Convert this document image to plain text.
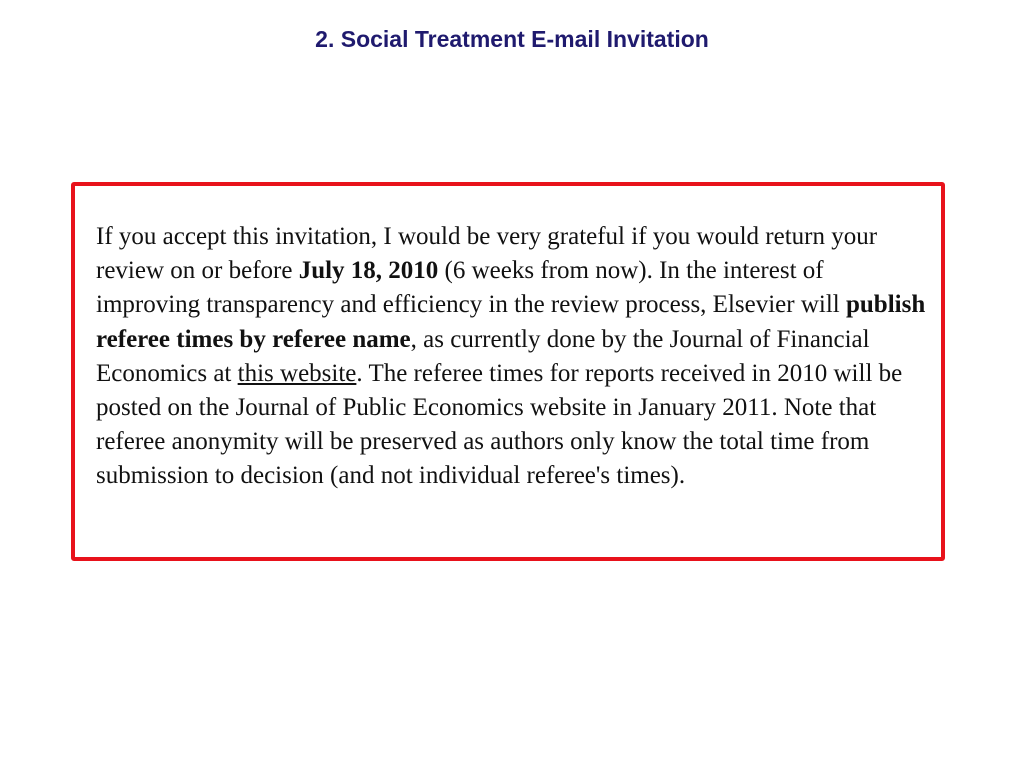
2. Social Treatment E-mail Invitation

If you accept this invitation, I would be very grateful if you would return your review on or before July 18, 2010 (6 weeks from now). In the interest of improving transparency and efficiency in the review process, Elsevier will publish referee times by referee name, as currently done by the Journal of Financial Economics at this website. The referee times for reports received in 2010 will be posted on the Journal of Public Economics website in January 2011. Note that referee anonymity will be preserved as authors only know the total time from submission to decision (and not individual referee's times).
